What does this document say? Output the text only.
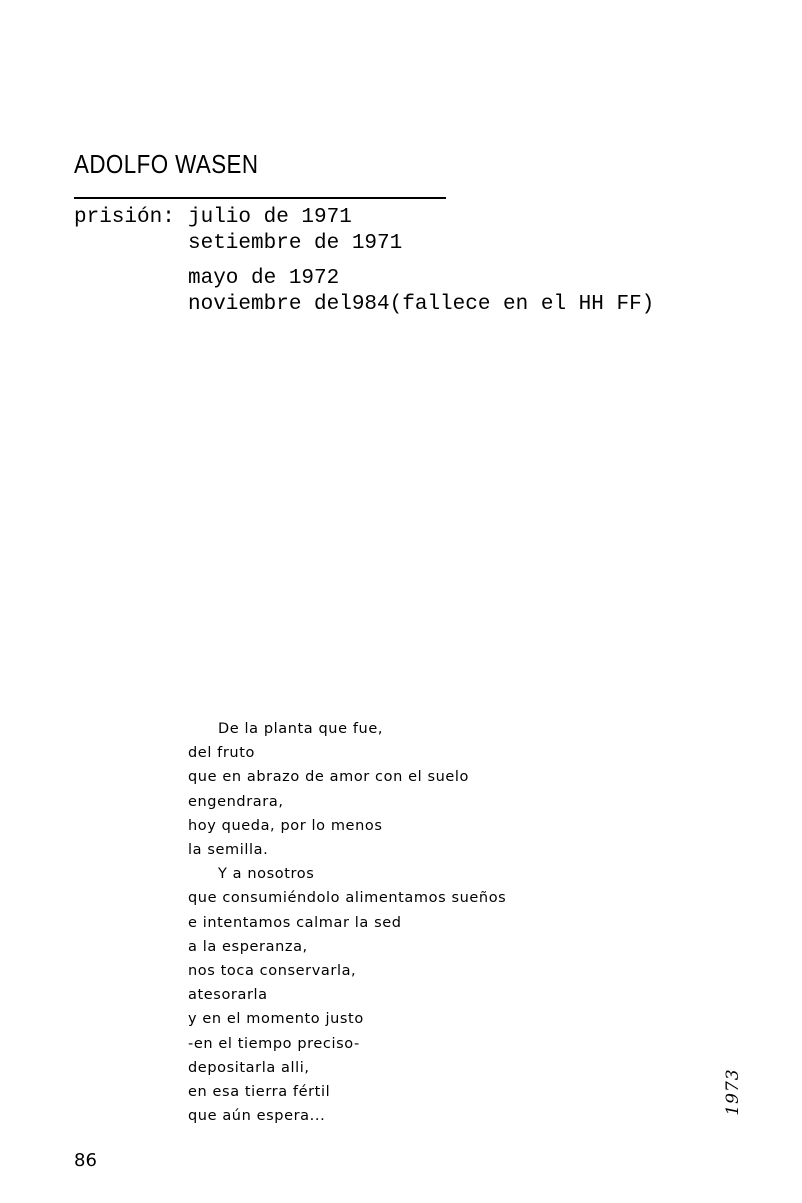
ADOLFO WASEN
prisión: julio de 1971
setiembre de 1971
mayo de 1972
noviembre del984(fallece en el HH FF)
De la planta que fue,
del fruto
que en abrazo de amor con el suelo
engendrara,
hoy queda, por lo menos
la semilla.
Y a nosotros
que consumiéndolo alimentamos sueños
e intentamos calmar la sed
a la esperanza,
nos toca conservarla,
atesorarla
y en el momento justo
-en el tiempo preciso-
depositarla alli,
en esa tierra fértil
que aún espera...
1973
86
